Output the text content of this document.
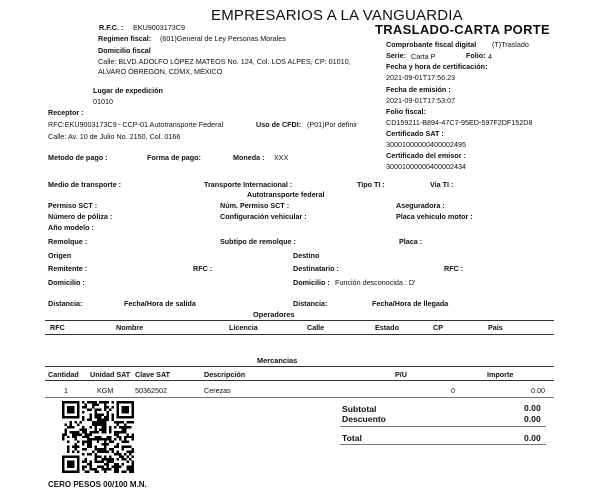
EMPRESARIOS A LA VANGUARDIA
TRASLADO-CARTA PORTE
R.F.C. : EKU9003173C9
Regimen fiscal: (601)General de Ley Personas Morales
Domicilio fiscal
Calle: BLVD.ADOLFO LÓPEZ MATEOS No. 124, Col. LOS ALPES, CP: 01010,
ALVARO ÓBREGON, CDMX, MÉXICO
Lugar de expedición
01010
Comprobante fiscal digital (T)Traslado
Serie: Carta P	Folio: 4
Fecha y hora de certificación:
2021-09-01T17:56:23
Fecha de emisión :
2021-09-01T17:53:07
Folio fiscal:
CD159211-B894-47C7-95ED-597F2DF152D8
Certificado SAT :
30001000000400002495
Certificado del emisor :
30001000000400002434
Receptor :
RFC:EKU9003173C9 - CCP-01 Autotransporte Federal	Uso de CFDI: (P01)Por definir
Calle: Av. 10 de Julio No. 2150, Col. 0166
Metodo de pago :	Forma de pago:	Moneda : XXX
Medio de transporte :	Transporte Internacional :	Tipo TI :	Via TI :
Autotransporte federal
Permiso SCT :	Núm. Permiso SCT :	Aseguradora :
Número de póliza :	Configuración vehicular :	Placa vehiculo motor :
Año modelo :
Remolque :	Subtipo de remolque :	Placa :
Origen	Destino
Remitente :	RFC :	Destinatario :	RFC :
Domicilio :	Domicilio : Función desconocida : D'
Distancia:	Fecha/Hora de salida	Distancia:	Fecha/Hora de llegada
Operadores
RFC	Nombre	Licencia	Calle	Estado	CP	País
Mercancias
Cantidad Unidad SAT Clave SAT	Descripción	P/U	Importe
1	KGM	50362502	Cerezas	0	0.00
Subtotal	0.00
Descuento	0.00
Total	0.00
CERO PESOS 00/100 M.N.
